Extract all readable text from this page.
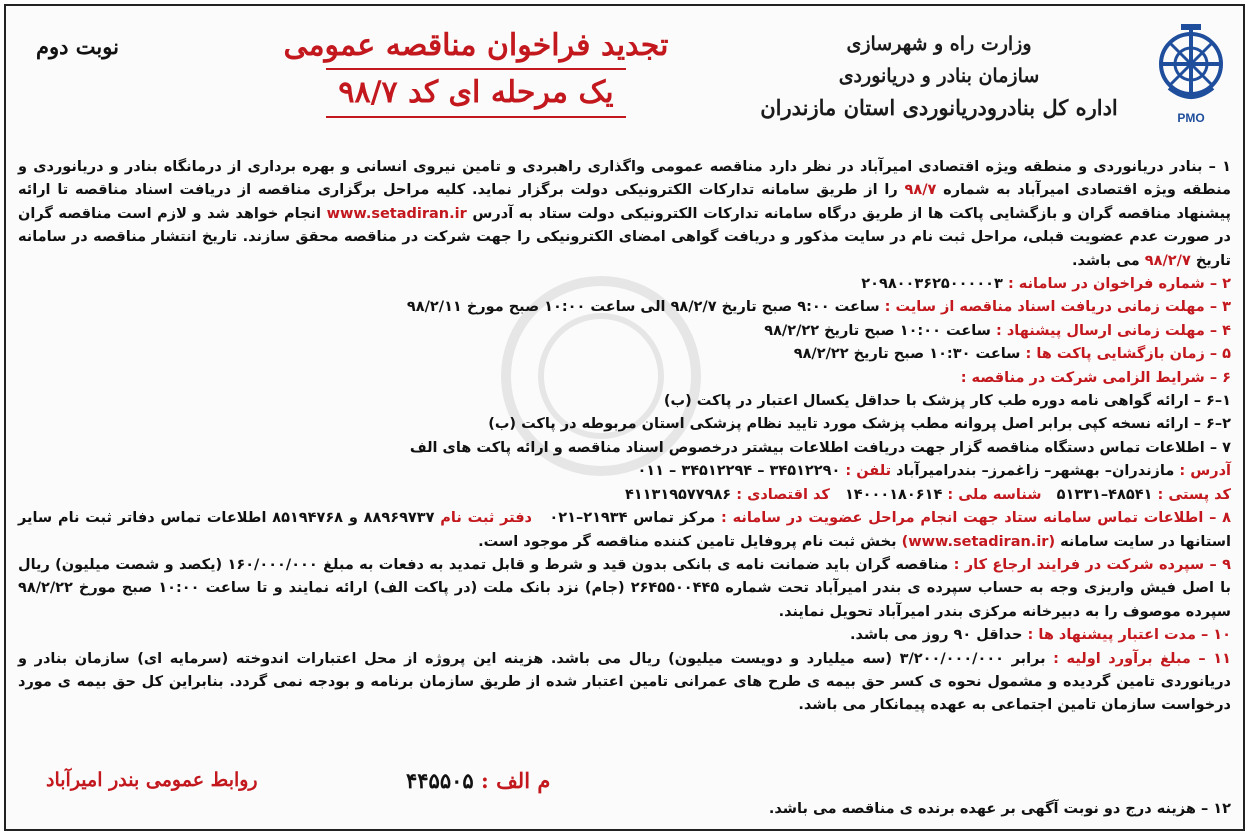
PMO
وزارت راه و شهرسازی
سازمان بنادر و دریانوردی
اداره کل بنادرودریانوردی استان مازندران
تجدید فراخوان مناقصه عمومی
یک مرحله ای کد ۹۸/۷
نوبت دوم

۱ – بنادر دریانوردی و منطقه ویژه اقتصادی امیرآباد در نظر دارد مناقصه عمومی واگذاری راهبردی و تامین نیروی انسانی و بهره برداری از درمانگاه بنادر و دریانوردی و منطقه ویژه اقتصادی امیرآباد به شماره ۹۸/۷ را از طریق سامانه تدارکات الکترونیکی دولت برگزار نماید. کلیه مراحل برگزاری مناقصه از دریافت اسناد مناقصه تا ارائه پیشنهاد مناقصه گران و بازگشایی پاکت ها از طریق درگاه سامانه تدارکات الکترونیکی دولت ستاد به آدرس www.setadiran.ir انجام خواهد شد و لازم است مناقصه گران در صورت عدم عضویت قبلی، مراحل ثبت نام در سایت مذکور و دریافت گواهی امضای الکترونیکی را جهت شرکت در مناقصه محقق سازند. تاریخ انتشار مناقصه در سامانه تاریخ ۹۸/۲/۷ می باشد.

۲ – شماره فراخوان در سامانه : ۲۰۹۸۰۰۳۶۲۵۰۰۰۰۰۳

۳ – مهلت زمانی دریافت اسناد مناقصه از سایت : ساعت ۹:۰۰ صبح تاریخ ۹۸/۲/۷ الی ساعت ۱۰:۰۰ صبح مورخ ۹۸/۲/۱۱

۴ – مهلت زمانی ارسال پیشنهاد : ساعت ۱۰:۰۰ صبح تاریخ ۹۸/۲/۲۲

۵ – زمان بازگشایی پاکت ها : ساعت ۱۰:۳۰ صبح تاریخ ۹۸/۲/۲۲

۶ – شرایط الزامی شرکت در مناقصه :

۱–۶ – ارائه گواهی نامه دوره طب کار پزشک با حداقل یکسال اعتبار در پاکت (ب)

۲–۶ – ارائه نسخه کپی برابر اصل پروانه مطب پزشک مورد تایید نظام پزشکی استان مربوطه در پاکت (ب)

۷ – اطلاعات تماس دستگاه مناقصه گزار جهت دریافت اطلاعات بیشتر درخصوص اسناد مناقصه و ارائه پاکت های الف

آدرس : مازندران– بهشهر– زاغمرز– بندرامیرآباد تلفن : ۳۴۵۱۲۲۹۰ – ۳۴۵۱۲۲۹۴ – ۰۱۱

کد پستی : ۴۸۵۴۱–۵۱۳۳۱   شناسه ملی : ۱۴۰۰۰۱۸۰۶۱۴   کد اقتصادی : ۴۱۱۳۱۹۵۷۷۹۸۶

۸ – اطلاعات تماس سامانه ستاد جهت انجام مراحل عضویت در سامانه : مرکز تماس ۲۱۹۳۴–۰۲۱   دفتر ثبت نام ۸۸۹۶۹۷۳۷ و ۸۵۱۹۴۷۶۸ اطلاعات تماس دفاتر ثبت نام سایر استانها در سایت سامانه (www.setadiran.ir) بخش ثبت نام پروفایل تامین کننده مناقصه گر موجود است.

۹ – سپرده شرکت در فرایند ارجاع کار : مناقصه گران باید ضمانت نامه ی بانکی بدون قید و شرط و قابل تمدید به دفعات به مبلغ ۱۶۰/۰۰۰/۰۰۰ (یکصد و شصت میلیون) ریال با اصل فیش واریزی وجه به حساب سپرده ی بندر امیرآباد تحت شماره ۲۶۴۵۵۰۰۴۴۵ (جام) نزد بانک ملت (در پاکت الف) ارائه نمایند و تا ساعت ۱۰:۰۰ صبح مورخ ۹۸/۲/۲۲ سپرده موصوف را به دبیرخانه مرکزی بندر امیرآباد تحویل نمایند.

۱۰ – مدت اعتبار پیشنهاد ها : حداقل ۹۰ روز می باشد.

۱۱ – مبلغ برآورد اولیه : برابر ۳/۲۰۰/۰۰۰/۰۰۰ (سه میلیارد و دویست میلیون) ریال می باشد. هزینه این پروژه از محل اعتبارات اندوخته (سرمایه ای) سازمان بنادر و دریانوردی تامین گردیده و مشمول نحوه ی کسر حق بیمه ی طرح های عمرانی تامین اعتبار شده از طریق سازمان برنامه و بودجه نمی گردد. بنابراین کل حق بیمه ی مورد درخواست سازمان تامین اجتماعی به عهده پیمانکار می باشد.

م الف : ۴۴۵۵۰۵
روابط عمومی بندر امیرآباد
۱۲ – هزینه درج دو نوبت آگهی بر عهده برنده ی مناقصه می باشد.
